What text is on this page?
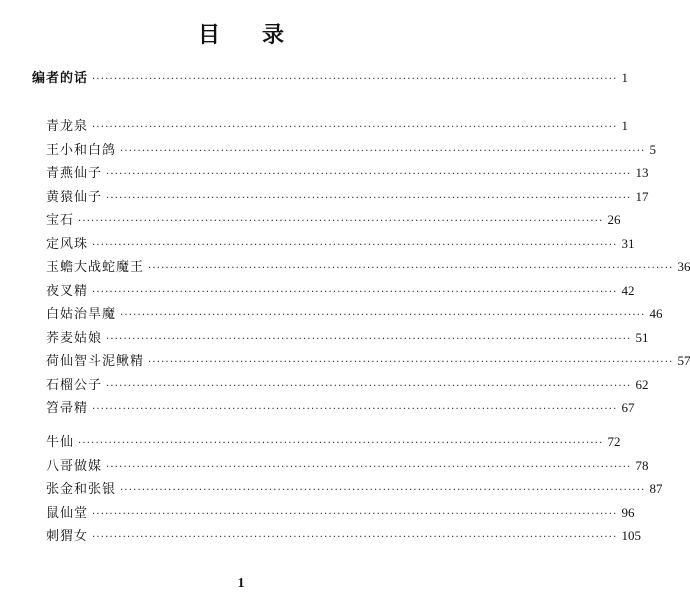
目 录
编者的话 ························································································································ 1
青龙泉 ························································································································ 1
王小和白鸽 ························································································································ 5
青燕仙子 ························································································································ 13
黄猿仙子 ························································································································ 17
宝石 ························································································································ 26
定风珠 ························································································································ 31
玉蟾大战蛇魔王 ························································································································ 36
夜叉精 ························································································································ 42
白姑治旱魔 ························································································································ 46
荞麦姑娘 ························································································································ 51
荷仙智斗泥鳅精 ························································································································ 57
石榴公子 ························································································································ 62
笤帚精 ························································································································ 67
牛仙 ························································································································ 72
八哥做媒 ························································································································ 78
张金和张银 ························································································································ 87
鼠仙堂 ························································································································ 96
刺猬女 ························································································································ 105
1
